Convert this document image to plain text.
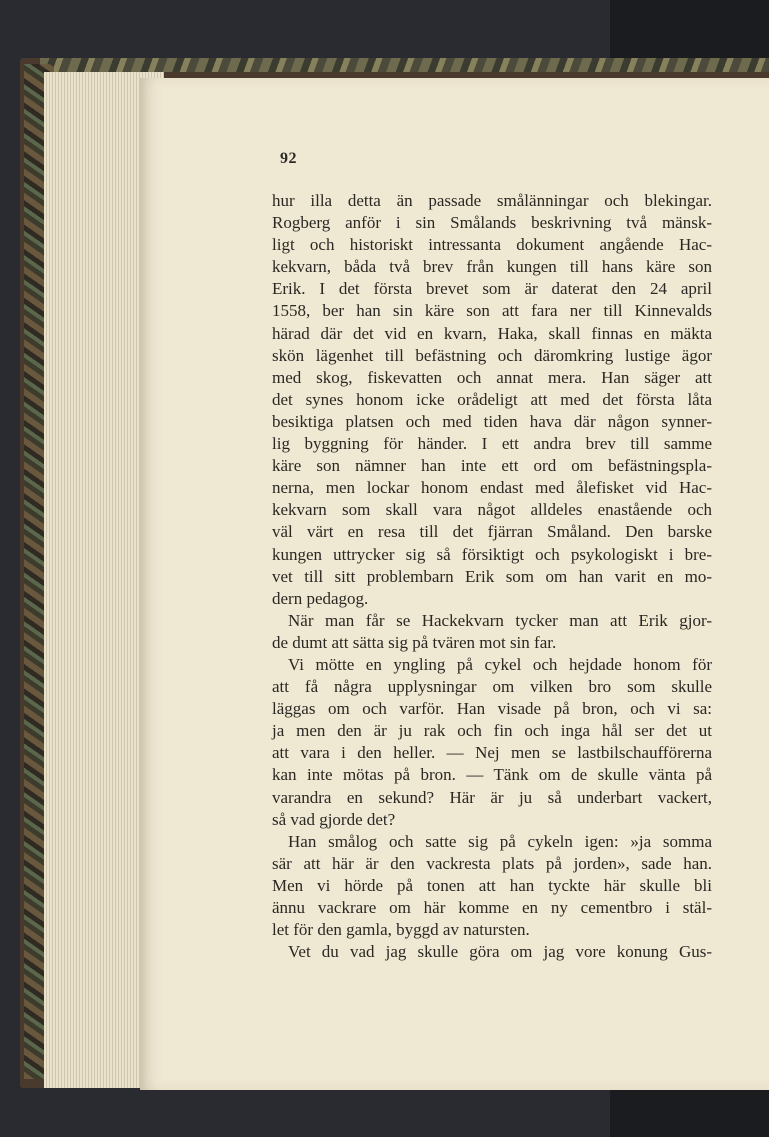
92

hur illa detta än passade smålänningar och blekingar.
Rogberg anför i sin Smålands beskrivning två mänsk-
ligt och historiskt intressanta dokument angående Hac-
kekvarn, båda två brev från kungen till hans käre son
Erik. I det första brevet som är daterat den 24 april
1558, ber han sin käre son att fara ner till Kinnevalds
härad där det vid en kvarn, Haka, skall finnas en mäkta
skön lägenhet till befästning och däromkring lustige ägor
med skog, fiskevatten och annat mera. Han säger att
det synes honom icke orådeligt att med det första låta
besiktiga platsen och med tiden hava där någon synner-
lig byggning för händer. I ett andra brev till samme
käre son nämner han inte ett ord om befästningspla-
nerna, men lockar honom endast med ålefisket vid Hac-
kekvarn som skall vara något alldeles enastående och
väl värt en resa till det fjärran Småland. Den barske
kungen uttrycker sig så försiktigt och psykologiskt i bre-
vet till sitt problembarn Erik som om han varit en mo-
dern pedagog.
När man får se Hackekvarn tycker man att Erik gjor-
de dumt att sätta sig på tvären mot sin far.
Vi mötte en yngling på cykel och hejdade honom för
att få några upplysningar om vilken bro som skulle
läggas om och varför. Han visade på bron, och vi sa:
ja men den är ju rak och fin och inga hål ser det ut
att vara i den heller. — Nej men se lastbilschaufförerna
kan inte mötas på bron. — Tänk om de skulle vänta på
varandra en sekund? Här är ju så underbart vackert,
så vad gjorde det?
Han smålog och satte sig på cykeln igen: »ja somma
sär att här är den vackresta plats på jorden», sade han.
Men vi hörde på tonen att han tyckte här skulle bli
ännu vackrare om här komme en ny cementbro i stäl-
let för den gamla, byggd av natursten.
Vet du vad jag skulle göra om jag vore konung Gus-
